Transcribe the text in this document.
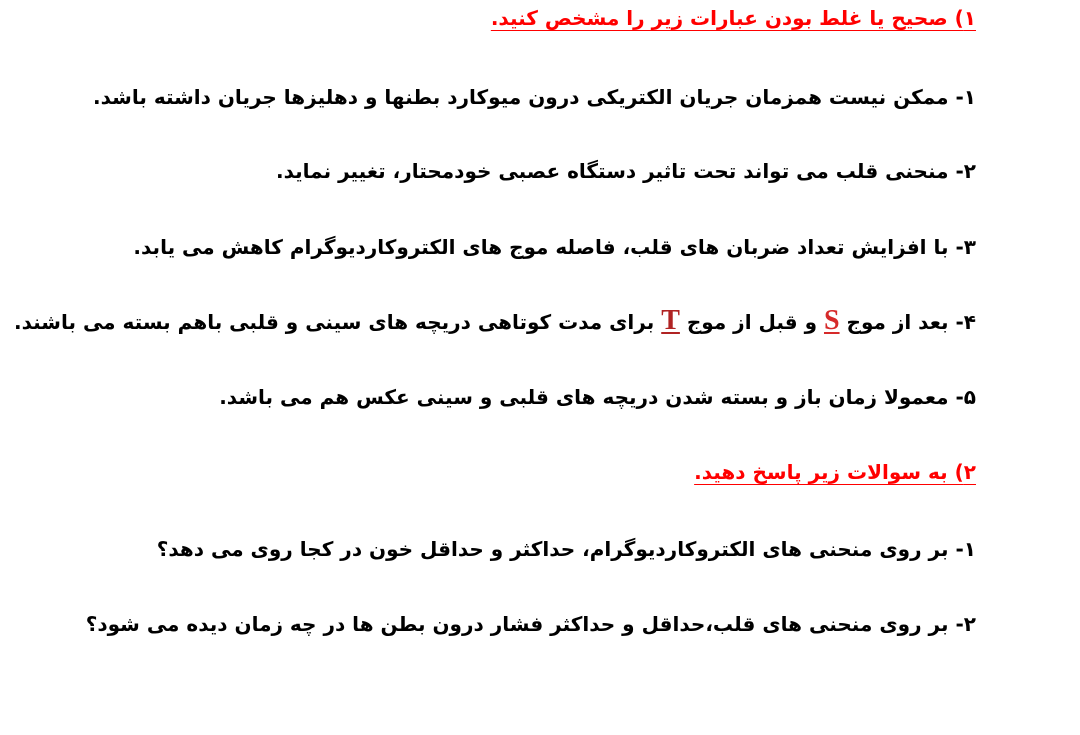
۱) صحیح یا غلط بودن عبارات زیر را مشخص کنید.
۱- ممکن نیست همزمان جریان الکتریکی درون میوکارد بطنها و دهلیزها جریان داشته باشد.
۲- منحنی قلب می تواند تحت تاثیر دستگاه عصبی خودمحتار، تغییر نماید.
۳- با افزایش تعداد ضربان های قلب، فاصله موج های الکتروکاردیوگرام کاهش می یابد.
۴- بعد از موج S و قبل از موج T برای مدت کوتاهی دریچه های سینی و قلبی باهم بسته می باشند.
۵- معمولا زمان باز و بسته شدن دریچه های قلبی و سینی عکس هم می باشد.
۲) به سوالات زیر پاسخ دهید.
۱- بر روی منحنی های الکتروکاردیوگرام، حداکثر و حداقل خون در کجا روی می دهد؟
۲- بر روی منحنی های قلب،حداقل و حداکثر فشار درون بطن ها در چه زمان دیده می شود؟
